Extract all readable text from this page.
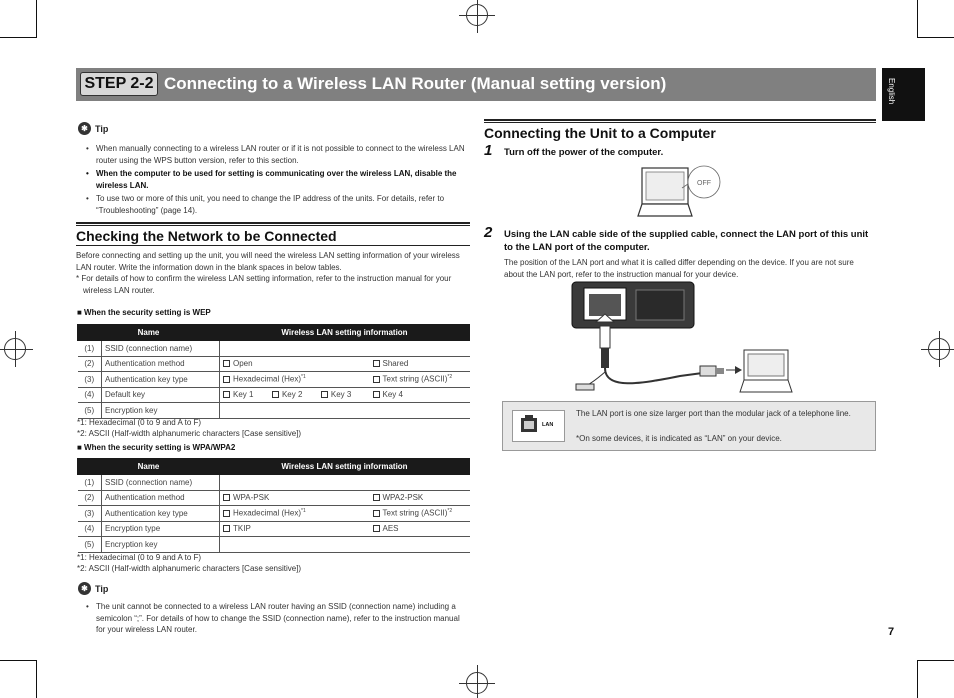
STEP 2-2 Connecting to a Wireless LAN Router (Manual setting version)	English
✱ Tip
• When manually connecting to a wireless LAN router or if it is not possible to connect to the wireless LAN router using the WPS button version, refer to this section.
• When the computer to be used for setting is communicating over the wireless LAN, disable the wireless LAN.
• To use two or more of this unit, you need to change the IP address of the units. For details, refer to “Troubleshooting” (page 14).
Checking the Network to be Connected
Before connecting and setting up the unit, you will need the wireless LAN setting information of your wireless LAN router. Write the information down in the blank spaces in below tables.
* For details of how to confirm the wireless LAN setting information, refer to the instruction manual for your wireless LAN router.
■ When the security setting is WEP
Name		Wireless LAN setting information	
(1)	SSID (connection name)		
(2)	Authentication method	Open	Shared
(3)	Authentication key type	Hexadecimal (Hex)$^{*1}$	Text string (ASCII)$^{*2}$
(4)	Default key	Key 1 Key 2 Key 3	Key 4
(5)	Encryption key		
*1: Hexadecimal (0 to 9 and A to F)
*2: ASCII (Half-width alphanumeric characters [Case sensitive])
■ When the security setting is WPA/WPA2
Name		Wireless LAN setting information	
(1)	SSID (connection name)		
(2)	Authentication method	WPA-PSK	WPA2-PSK
(3)	Authentication key type	Hexadecimal (Hex)$^{*1}$	Text string (ASCII)$^{*2}$
(4)	Encryption type	TKIP	AES
(5)	Encryption key		
*1: Hexadecimal (0 to 9 and A to F)
*2: ASCII (Half-width alphanumeric characters [Case sensitive])
✱ Tip
• The unit cannot be connected to a wireless LAN router having an SSID (connection name) including a semicolon “;”. For details of how to change the SSID (connection name), refer to the instruction manual for your wireless LAN router.
Connecting the Unit to a Computer
1 Turn off the power of the computer.
OFF
2 Using the LAN cable side of the supplied cable, connect the LAN port of this unit to the LAN port of the computer.
The position of the LAN port and what it is called differ depending on the device. If you are not sure about the LAN port, refer to the instruction manual for your device.
LAN
The LAN port is one size larger port than the modular jack of a telephone line.
*On some devices, it is indicated as “LAN” on your device.
7
